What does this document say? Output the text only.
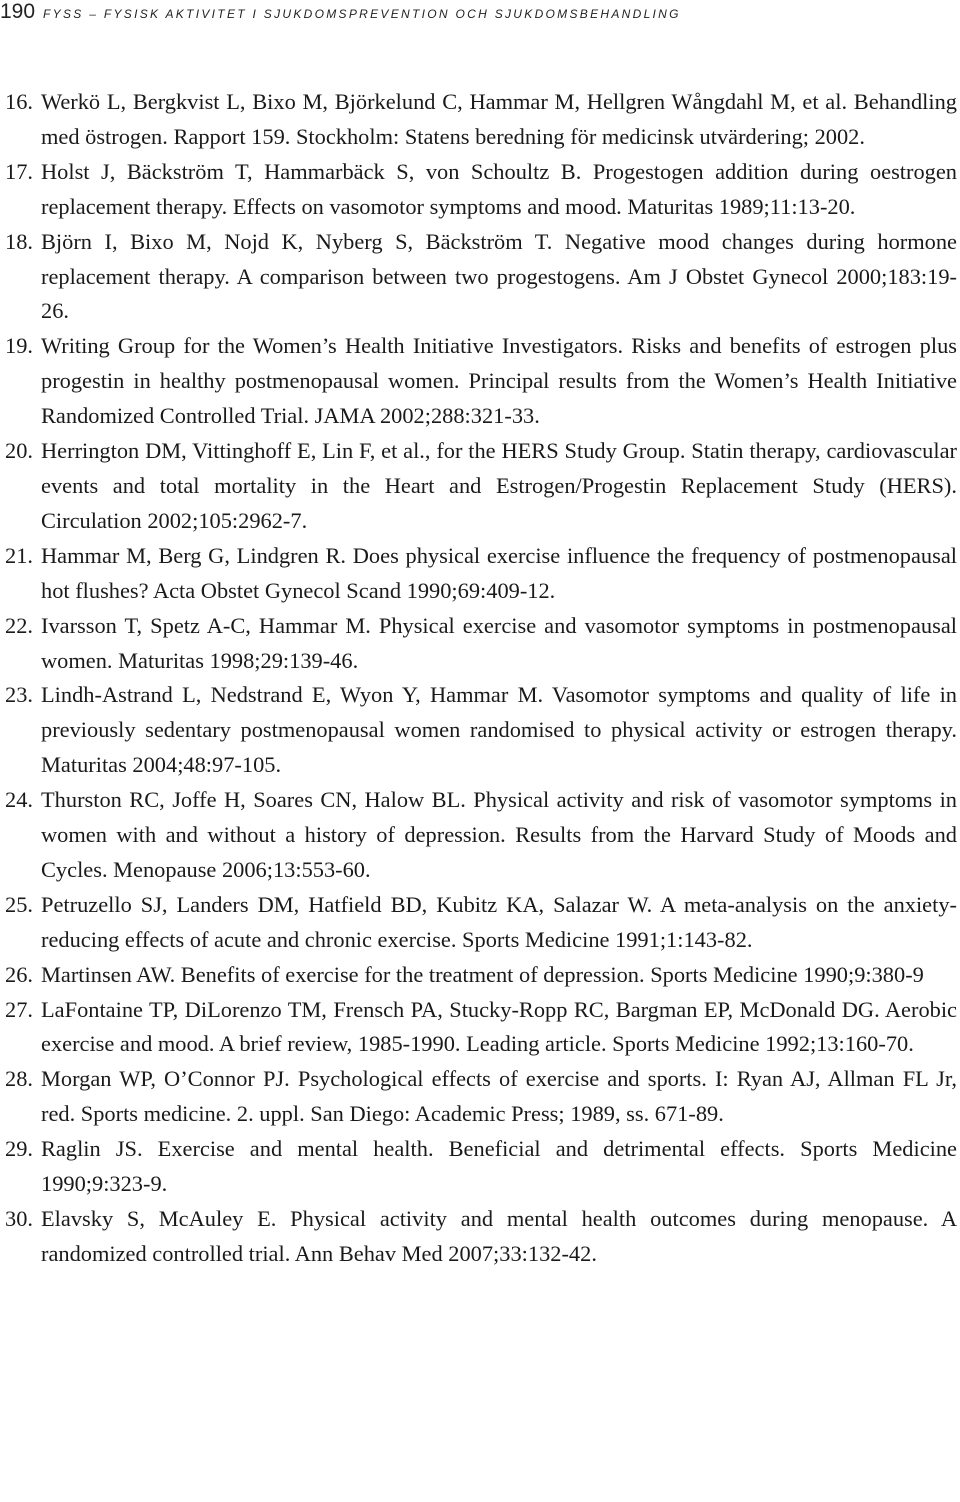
190 FYSS – FYSISK AKTIVITET I SJUKDOMSPREVENTION OCH SJUKDOMSBEHANDLING
16. Werkö L, Bergkvist L, Bixo M, Björkelund C, Hammar M, Hellgren Wångdahl M, et al. Behandling med östrogen. Rapport 159. Stockholm: Statens beredning för medicinsk utvärdering; 2002.
17. Holst J, Bäckström T, Hammarbäck S, von Schoultz B. Progestogen addition during oestrogen replacement therapy. Effects on vasomotor symptoms and mood. Maturitas 1989;11:13-20.
18. Björn I, Bixo M, Nojd K, Nyberg S, Bäckström T. Negative mood changes during hormone replacement therapy. A comparison between two progestogens. Am J Obstet Gynecol 2000;183:19-26.
19. Writing Group for the Women’s Health Initiative Investigators. Risks and benefits of estrogen plus progestin in healthy postmenopausal women. Principal results from the Women’s Health Initiative Randomized Controlled Trial. JAMA 2002;288:321-33.
20. Herrington DM, Vittinghoff E, Lin F, et al., for the HERS Study Group. Statin therapy, cardiovascular events and total mortality in the Heart and Estrogen/Progestin Replacement Study (HERS). Circulation 2002;105:2962-7.
21. Hammar M, Berg G, Lindgren R. Does physical exercise influence the frequency of postmenopausal hot flushes? Acta Obstet Gynecol Scand 1990;69:409-12.
22. Ivarsson T, Spetz A-C, Hammar M. Physical exercise and vasomotor symptoms in postmenopausal women. Maturitas 1998;29:139-46.
23. Lindh-Astrand L, Nedstrand E, Wyon Y, Hammar M. Vasomotor symptoms and quality of life in previously sedentary postmenopausal women randomised to physical activity or estrogen therapy. Maturitas 2004;48:97-105.
24. Thurston RC, Joffe H, Soares CN, Halow BL. Physical activity and risk of vasomotor symptoms in women with and without a history of depression. Results from the Harvard Study of Moods and Cycles. Menopause 2006;13:553-60.
25. Petruzello SJ, Landers DM, Hatfield BD, Kubitz KA, Salazar W. A meta-analysis on the anxiety-reducing effects of acute and chronic exercise. Sports Medicine 1991;1:143-82.
26. Martinsen AW. Benefits of exercise for the treatment of depression. Sports Medicine 1990;9:380-9
27. LaFontaine TP, DiLorenzo TM, Frensch PA, Stucky-Ropp RC, Bargman EP, McDonald DG. Aerobic exercise and mood. A brief review, 1985-1990. Leading article. Sports Medicine 1992;13:160-70.
28. Morgan WP, O’Connor PJ. Psychological effects of exercise and sports. I: Ryan AJ, Allman FL Jr, red. Sports medicine. 2. uppl. San Diego: Academic Press; 1989, ss. 671-89.
29. Raglin JS. Exercise and mental health. Beneficial and detrimental effects. Sports Medicine 1990;9:323-9.
30. Elavsky S, McAuley E. Physical activity and mental health outcomes during menopause. A randomized controlled trial. Ann Behav Med 2007;33:132-42.
